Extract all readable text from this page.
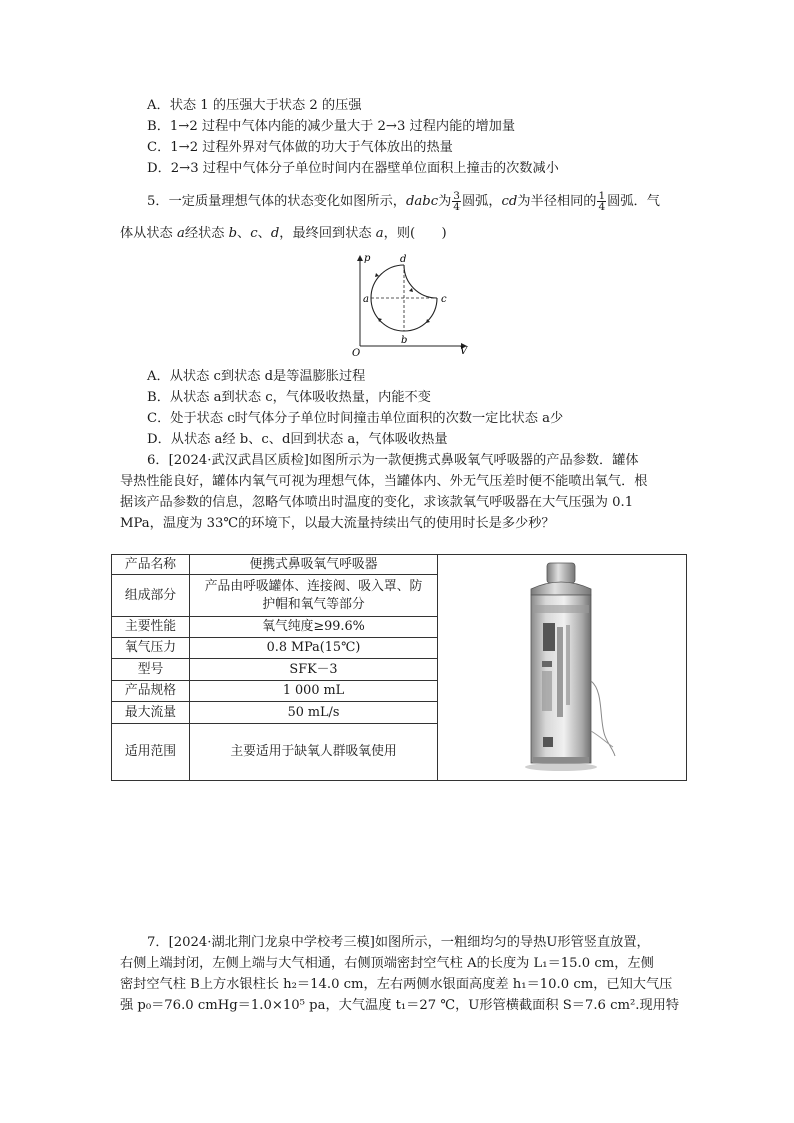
A．状态 1 的压强大于状态 2 的压强
B．1→2 过程中气体内能的减少量大于 2→3 过程内能的增加量
C．1→2 过程外界对气体做的功大于气体放出的热量
D．2→3 过程中气体分子单位时间内在器壁单位面积上撞击的次数减小
5．一定质量理想气体的状态变化如图所示，dabc为 $\frac{3}{4}$ 圆弧，cd为半径相同的 $\frac{1}{4}$ 圆弧．气
体从状态 a经状态 b、c、d，最终回到状态 a，则(　　)
p
V
O
d
a	c
b
A．从状态 c到状态 d是等温膨胀过程
B．从状态 a到状态 c，气体吸收热量，内能不变
C．处于状态 c时气体分子单位时间撞击单位面积的次数一定比状态 a少
D．从状态 a经 b、c、d回到状态 a，气体吸收热量
6．[2024·武汉武昌区质检]如图所示为一款便携式鼻吸氧气呼吸器的产品参数．罐体
导热性能良好，罐体内氧气可视为理想气体，当罐体内、外无气压差时便不能喷出氧气．根
据该产品参数的信息，忽略气体喷出时温度的变化，求该款氧气呼吸器在大气压强为 0.1
MPa，温度为 33℃的环境下，以最大流量持续出气的使用时长是多少秒？
产品名称	便携式鼻吸氧气呼吸器	
组成部分	产品由呼吸罐体、连接阀、吸入罩、防护帽和氧气等部分	
主要性能	氧气纯度≥99.6%	
氧气压力	0.8 MPa(15℃)	
型号	SFK－3	
产品规格	1 000 mL	
最大流量	50 mL/s	
适用范围	主要适用于缺氧人群吸氧使用	
7．[2024·湖北荆门龙泉中学校考三模]如图所示，一粗细均匀的导热U形管竖直放置，
右侧上端封闭，左侧上端与大气相通，右侧顶端密封空气柱 A的长度为 L₁＝15.0 cm，左侧
密封空气柱 B上方水银柱长 h₂＝14.0 cm，左右两侧水银面高度差 h₁＝10.0 cm，已知大气压
强 p₀＝76.0 cmHg＝1.0×10⁵ pa，大气温度 t₁＝27 ℃，U形管横截面积 S＝7.6 cm².现用特
